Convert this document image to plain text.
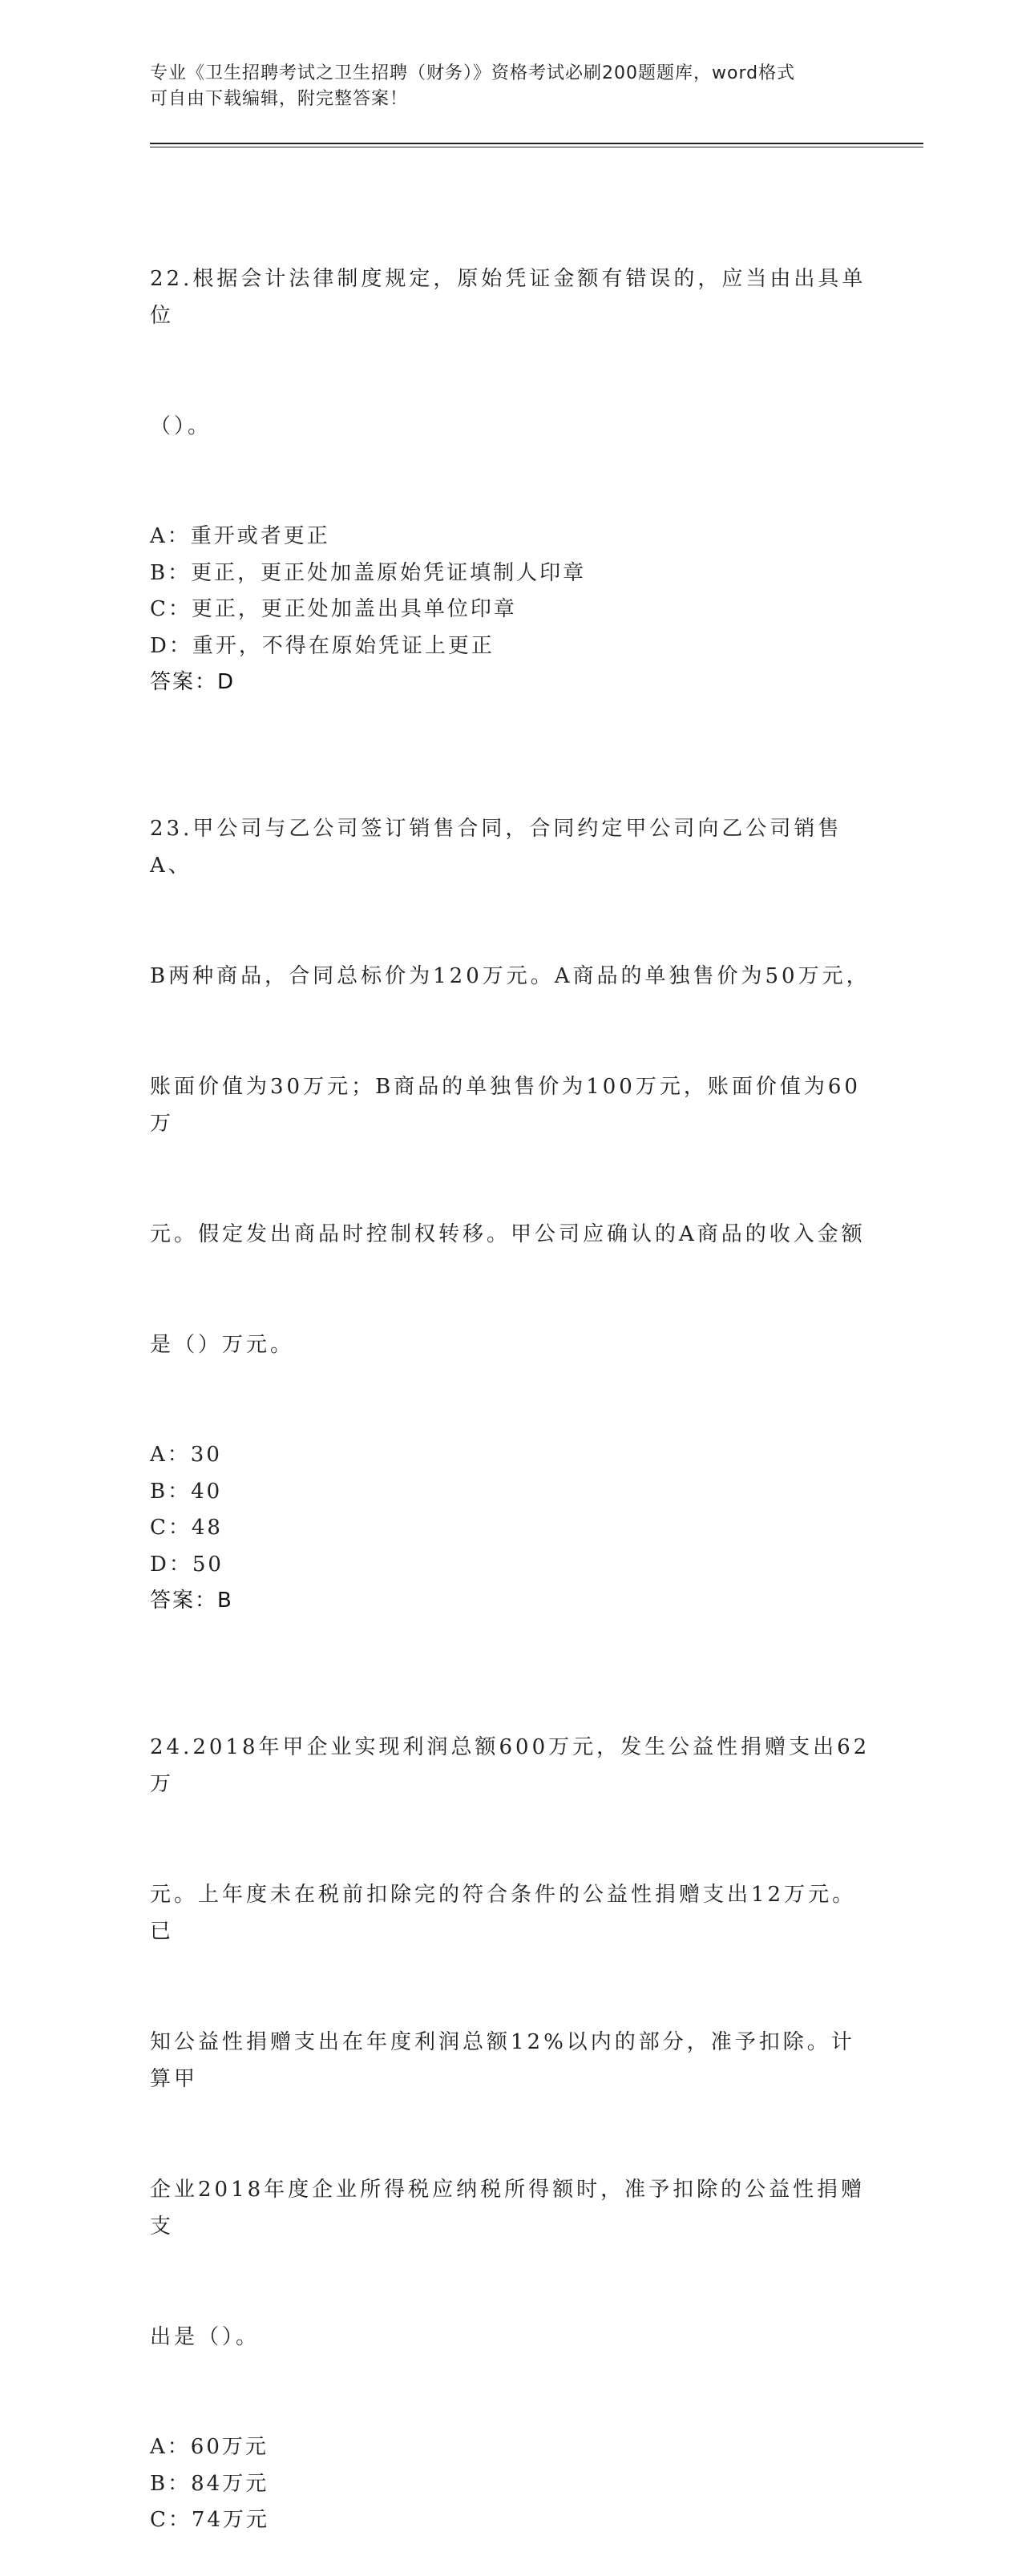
专业《卫生招聘考试之卫生招聘（财务）》资格考试必刷200题题库，word格式
可自由下载编辑，附完整答案！

22.根据会计法律制度规定，原始凭证金额有错误的，应当由出具单位

（）。

A：重开或者更正
B：更正，更正处加盖原始凭证填制人印章
C：更正，更正处加盖出具单位印章
D：重开，不得在原始凭证上更正
答案：D

23.甲公司与乙公司签订销售合同，合同约定甲公司向乙公司销售A、

B两种商品，合同总标价为120万元。A商品的单独售价为50万元，

账面价值为30万元；B商品的单独售价为100万元，账面价值为60万

元。假定发出商品时控制权转移。甲公司应确认的A商品的收入金额

是（）万元。

A：30
B：40
C：48
D：50
答案：B

24.2018年甲企业实现利润总额600万元，发生公益性捐赠支出62万

元。上年度未在税前扣除完的符合条件的公益性捐赠支出12万元。已

知公益性捐赠支出在年度利润总额12%以内的部分，准予扣除。计算甲

企业2018年度企业所得税应纳税所得额时，准予扣除的公益性捐赠支

出是（）。

A：60万元
B：84万元
C：74万元
